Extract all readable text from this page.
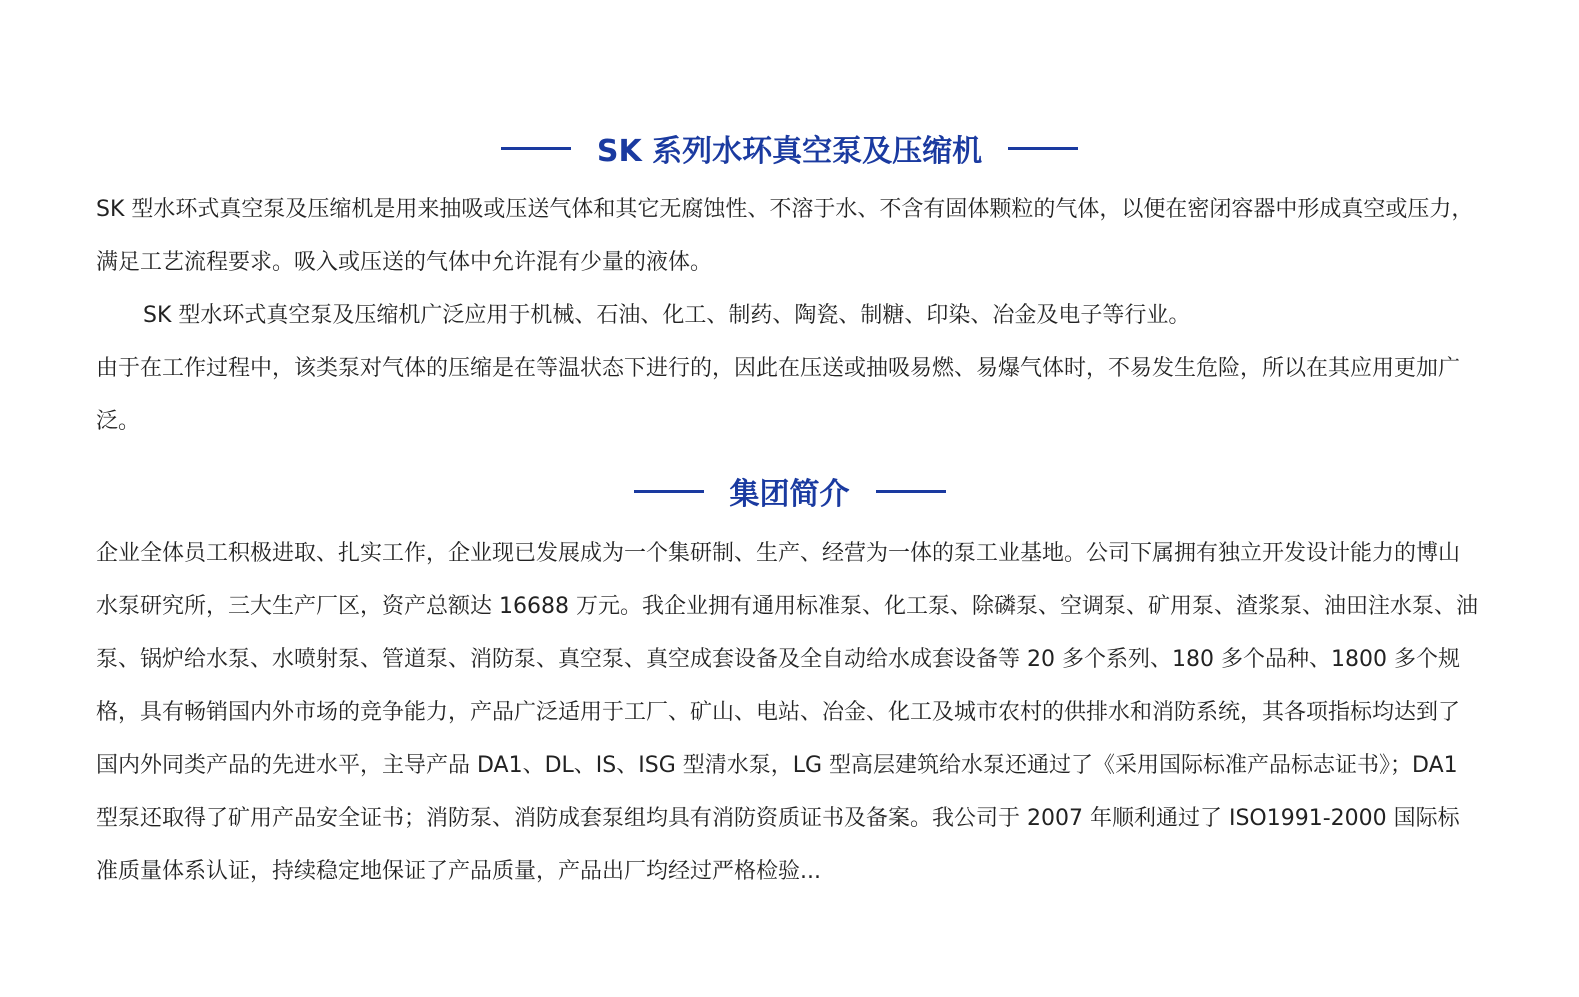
SK 系列水环真空泵及压缩机

SK 型水环式真空泵及压缩机是用来抽吸或压送气体和其它无腐蚀性、不溶于水、不含有固体颗粒的气体，以便在密闭容器中形成真空或压力，满足工艺流程要求。吸入或压送的气体中允许混有少量的液体。

SK 型水环式真空泵及压缩机广泛应用于机械、石油、化工、制药、陶瓷、制糖、印染、冶金及电子等行业。

由于在工作过程中，该类泵对气体的压缩是在等温状态下进行的，因此在压送或抽吸易燃、易爆气体时，不易发生危险，所以在其应用更加广泛。

集团简介

企业全体员工积极进取、扎实工作，企业现已发展成为一个集研制、生产、经营为一体的泵工业基地。公司下属拥有独立开发设计能力的博山水泵研究所，三大生产厂区，资产总额达 16688 万元。我企业拥有通用标准泵、化工泵、除磷泵、空调泵、矿用泵、渣浆泵、油田注水泵、油泵、锅炉给水泵、水喷射泵、管道泵、消防泵、真空泵、真空成套设备及全自动给水成套设备等 20 多个系列、180 多个品种、1800 多个规格，具有畅销国内外市场的竞争能力，产品广泛适用于工厂、矿山、电站、冶金、化工及城市农村的供排水和消防系统，其各项指标均达到了国内外同类产品的先进水平，主导产品 DA1、DL、IS、ISG 型清水泵，LG 型高层建筑给水泵还通过了《采用国际标准产品标志证书》；DA1 型泵还取得了矿用产品安全证书；消防泵、消防成套泵组均具有消防资质证书及备案。我公司于 2007 年顺利通过了 ISO1991-2000 国际标准质量体系认证，持续稳定地保证了产品质量，产品出厂均经过严格检验...
